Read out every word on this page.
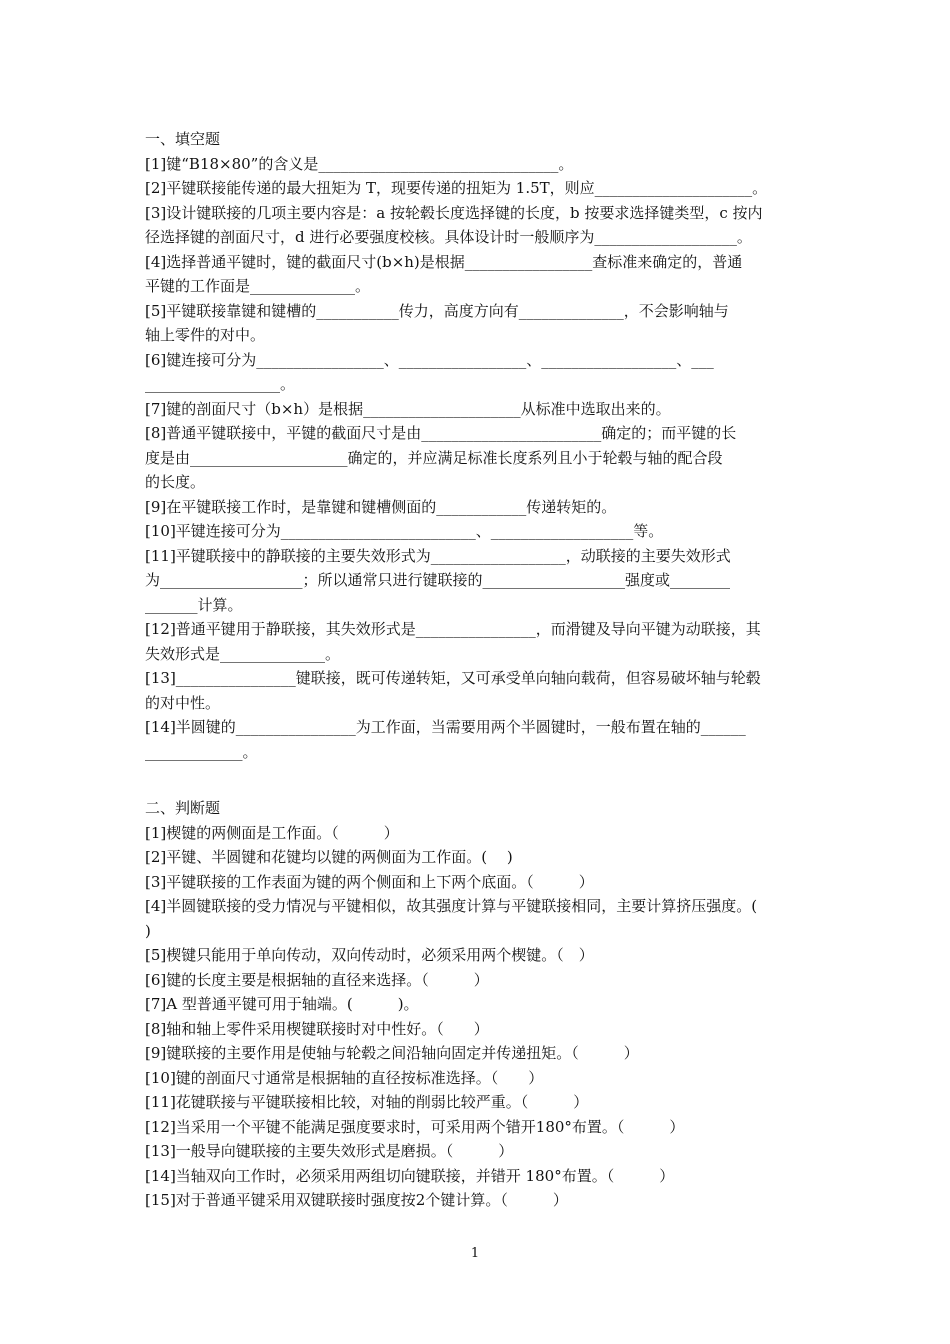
一、填空题
[1]键“B18×80”的含义是________________________________。
[2]平键联接能传递的最大扭矩为 T，现要传递的扭矩为 1.5T，则应_____________________。
[3]设计键联接的几项主要内容是：a 按轮毂长度选择键的长度，b 按要求选择键类型，c 按内
径选择键的剖面尺寸，d 进行必要强度校核。具体设计时一般顺序为___________________。
[4]选择普通平键时，键的截面尺寸(b×h)是根据_________________查标准来确定的，普通
平键的工作面是______________。
[5]平键联接靠键和键槽的___________传力，高度方向有______________，不会影响轴与
轴上零件的对中。
[6]键连接可分为_________________、_________________、__________________、___
__________________。
[7]键的剖面尺寸（b×h）是根据_____________________从标准中选取出来的。
[8]普通平键联接中，平键的截面尺寸是由________________________确定的；而平键的长
度是由_____________________确定的，并应满足标准长度系列且小于轮毂与轴的配合段
的长度。
[9]在平键联接工作时，是靠键和键槽侧面的____________传递转矩的。
[10]平键连接可分为__________________________、___________________等。
[11]平键联接中的静联接的主要失效形式为__________________，动联接的主要失效形式
为___________________；所以通常只进行键联接的___________________强度或________
_______计算。
[12]普通平键用于静联接，其失效形式是________________，而滑键及导向平键为动联接，其
失效形式是______________。
[13]________________键联接，既可传递转矩，又可承受单向轴向载荷，但容易破坏轴与轮毂
的对中性。
[14]半圆键的________________为工作面，当需要用两个半圆键时，一般布置在轴的______
_____________。
二、判断题
[1]楔键的两侧面是工作面。（　　　）
[2]平键、半圆键和花键均以键的两侧面为工作面。( 　)
[3]平键联接的工作表面为键的两个侧面和上下两个底面。（　　　）
[4]半圆键联接的受力情况与平键相似，故其强度计算与平键联接相同，主要计算挤压强度。(
)
[5]楔键只能用于单向传动，双向传动时，必须采用两个楔键。（　）
[6]键的长度主要是根据轴的直径来选择。（　　　）
[7]A 型普通平键可用于轴端。(　　　)。
[8]轴和轴上零件采用楔键联接时对中性好。（　　）
[9]键联接的主要作用是使轴与轮毂之间沿轴向固定并传递扭矩。（　　　）
[10]键的剖面尺寸通常是根据轴的直径按标准选择。（　　）
[11]花键联接与平键联接相比较，对轴的削弱比较严重。（　　　）
[12]当采用一个平键不能满足强度要求时，可采用两个错开180°布置。（　　　）
[13]一般导向键联接的主要失效形式是磨损。（　　　）
[14]当轴双向工作时，必须采用两组切向键联接，并错开 180°布置。（　　　）
[15]对于普通平键采用双键联接时强度按2个键计算。（　　　）
1
